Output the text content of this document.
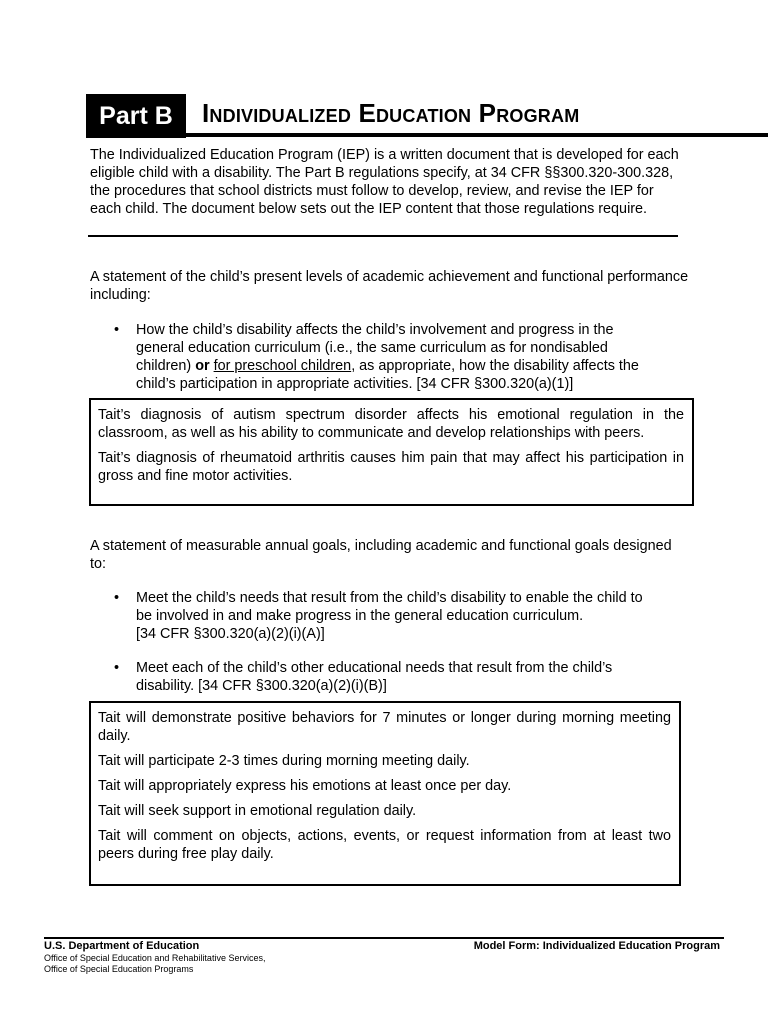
Part B	Individualized Education Program
The Individualized Education Program (IEP) is a written document that is developed for each eligible child with a disability. The Part B regulations specify, at 34 CFR §§300.320-300.328, the procedures that school districts must follow to develop, review, and revise the IEP for each child. The document below sets out the IEP content that those regulations require.
A statement of the child’s present levels of academic achievement and functional performance including:
• How the child’s disability affects the child’s involvement and progress in the general education curriculum (i.e., the same curriculum as for nondisabled children) or for preschool children, as appropriate, how the disability affects the child’s participation in appropriate activities. [34 CFR §300.320(a)(1)]

Tait’s diagnosis of autism spectrum disorder affects his emotional regulation in the classroom, as well as his ability to communicate and develop relationships with peers.

Tait’s diagnosis of rheumatoid arthritis causes him pain that may affect his participation in gross and fine motor activities.

A statement of measurable annual goals, including academic and functional goals designed to:
• Meet the child’s needs that result from the child’s disability to enable the child to be involved in and make progress in the general education curriculum.
[34 CFR §300.320(a)(2)(i)(A)]
• Meet each of the child’s other educational needs that result from the child’s disability. [34 CFR §300.320(a)(2)(i)(B)]

Tait will demonstrate positive behaviors for 7 minutes or longer during morning meeting daily.

Tait will participate 2-3 times during morning meeting daily.

Tait will appropriately express his emotions at least once per day.

Tait will seek support in emotional regulation daily.

Tait will comment on objects, actions, events, or request information from at least two peers during free play daily.

U.S. Department of Education
Office of Special Education and Rehabilitative Services,
Office of Special Education Programs
Model Form: Individualized Education Program
